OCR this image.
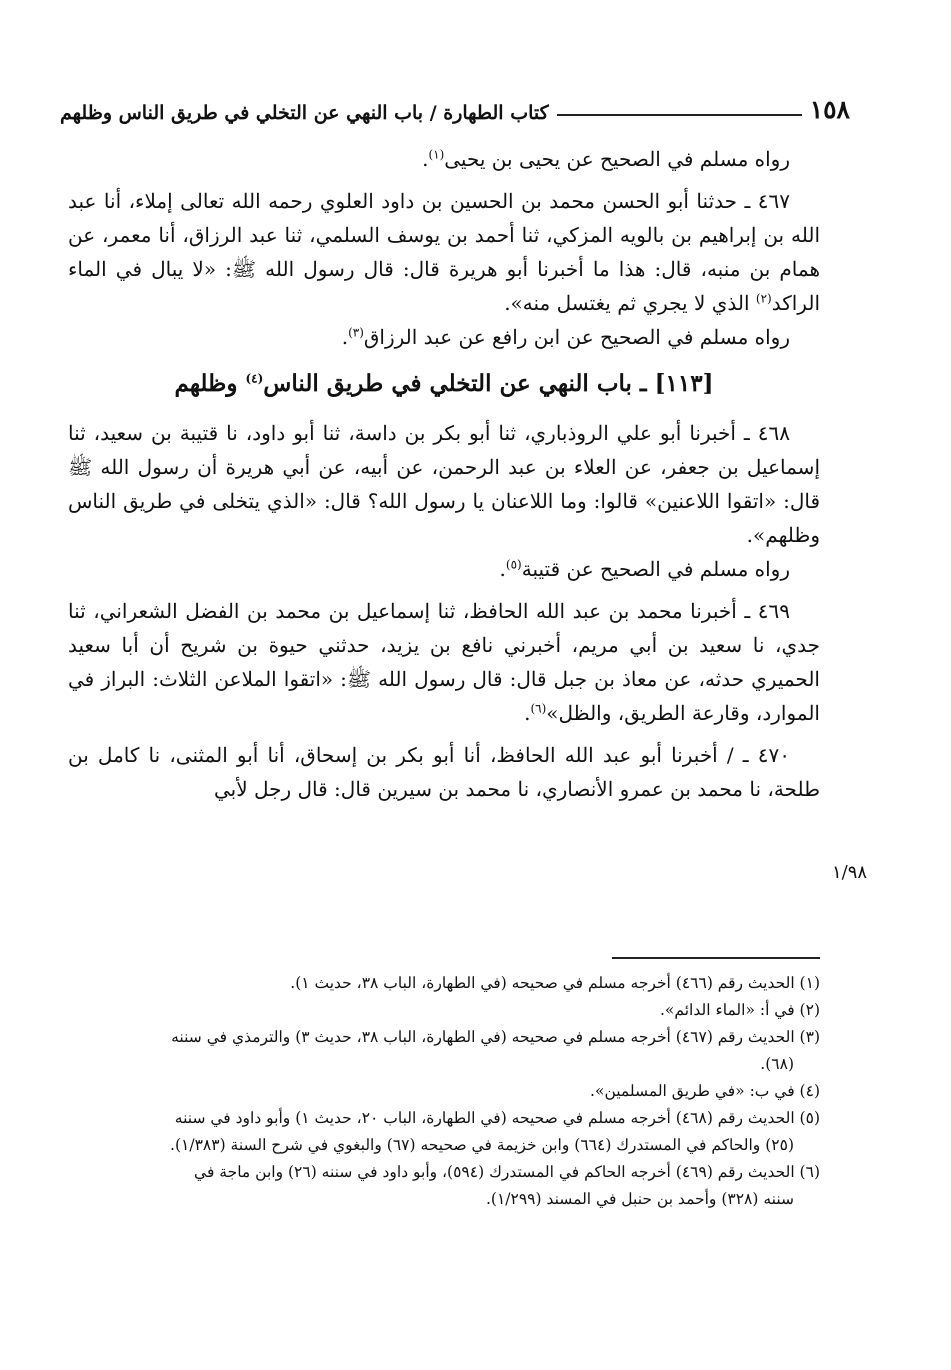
١٥٨
كتاب الطهارة / باب النهي عن التخلي في طريق الناس وظلهم

رواه مسلم في الصحيح عن يحيى بن يحيى$^{(١)}$.

٤٦٧ ـ حدثنا أبو الحسن محمد بن الحسين بن داود العلوي رحمه الله تعالى إملاء، أنا عبد الله بن إبراهيم بن بالويه المزكي، ثنا أحمد بن يوسف السلمي، ثنا عبد الرزاق، أنا معمر، عن همام بن منبه، قال: هذا ما أخبرنا أبو هريرة قال: قال رسول الله ﷺ: «لا يبال في الماء الراكد$^{(٢)}$ الذي لا يجري ثم يغتسل منه».

رواه مسلم في الصحيح عن ابن رافع عن عبد الرزاق$^{(٣)}$.

[١١٣] ـ باب النهي عن التخلي في طريق الناس$^{(٤)}$ وظلهم

٤٦٨ ـ أخبرنا أبو علي الروذباري، ثنا أبو بكر بن داسة، ثنا أبو داود، نا قتيبة بن سعيد، ثنا إسماعيل بن جعفر، عن العلاء بن عبد الرحمن، عن أبيه، عن أبي هريرة أن رسول الله ﷺ قال: «اتقوا اللاعنين» قالوا: وما اللاعنان يا رسول الله؟ قال: «الذي يتخلى في طريق الناس وظلهم».

رواه مسلم في الصحيح عن قتيبة$^{(٥)}$.

٤٦٩ ـ أخبرنا محمد بن عبد الله الحافظ، ثنا إسماعيل بن محمد بن الفضل الشعراني، ثنا جدي، نا سعيد بن أبي مريم، أخبرني نافع بن يزيد، حدثني حيوة بن شريح أن أبا سعيد الحميري حدثه، عن معاذ بن جبل قال: قال رسول الله ﷺ: «اتقوا الملاعن الثلاث: البراز في الموارد، وقارعة الطريق، والظل»$^{(٦)}$.

٤٧٠ ـ / أخبرنا أبو عبد الله الحافظ، أنا أبو بكر بن إسحاق، أنا أبو المثنى، نا كامل بن طلحة، نا محمد بن عمرو الأنصاري، نا محمد بن سيرين قال: قال رجل لأبي

١/٩٨

(١) الحديث رقم (٤٦٦) أخرجه مسلم في صحيحه (في الطهارة، الباب ٣٨، حديث ١).

(٢) في أ: «الماء الدائم».

(٣) الحديث رقم (٤٦٧) أخرجه مسلم في صحيحه (في الطهارة، الباب ٣٨، حديث ٣) والترمذي في سننه
(٦٨).

(٤) في ب: «في طريق المسلمين».

(٥) الحديث رقم (٤٦٨) أخرجه مسلم في صحيحه (في الطهارة، الباب ٢٠، حديث ١) وأبو داود في سننه
(٢٥) والحاكم في المستدرك (٦٦٤) وابن خزيمة في صحيحه (٦٧) والبغوي في شرح السنة (١/٣٨٣).

(٦) الحديث رقم (٤٦٩) أخرجه الحاكم في المستدرك (٥٩٤)، وأبو داود في سننه (٢٦) وابن ماجة في
سننه (٣٢٨) وأحمد بن حنبل في المسند (١/٢٩٩).
